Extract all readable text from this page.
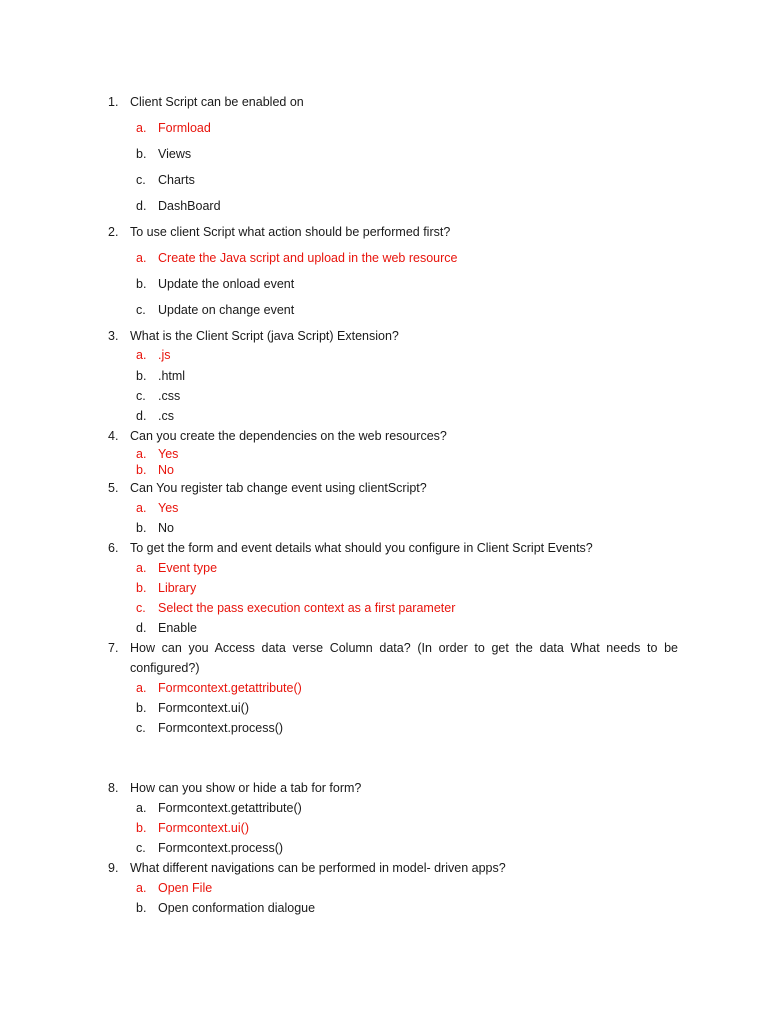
1. Client Script can be enabled on
a. Formload
b. Views
c. Charts
d. DashBoard
2. To use client Script what action should be performed first?
a. Create the Java script and upload in the web resource
b. Update the onload event
c. Update on change event
3. What is the Client Script (java Script) Extension?
a. .js
b. .html
c. .css
d. .cs
4. Can you create the dependencies on the web resources?
a. Yes
b. No
5. Can You register tab change event using clientScript?
a. Yes
b. No
6. To get the form and event details what should you configure in Client Script Events?
a. Event type
b. Library
c. Select the pass execution context as a first parameter
d. Enable
7. How can you Access data verse Column data? (In order to get the data What needs to be configured?)
a. Formcontext.getattribute()
b. Formcontext.ui()
c. Formcontext.process()
8. How can you show or hide a tab for form?
a. Formcontext.getattribute()
b. Formcontext.ui()
c. Formcontext.process()
9. What different navigations can be performed in model- driven apps?
a. Open File
b. Open conformation dialogue
